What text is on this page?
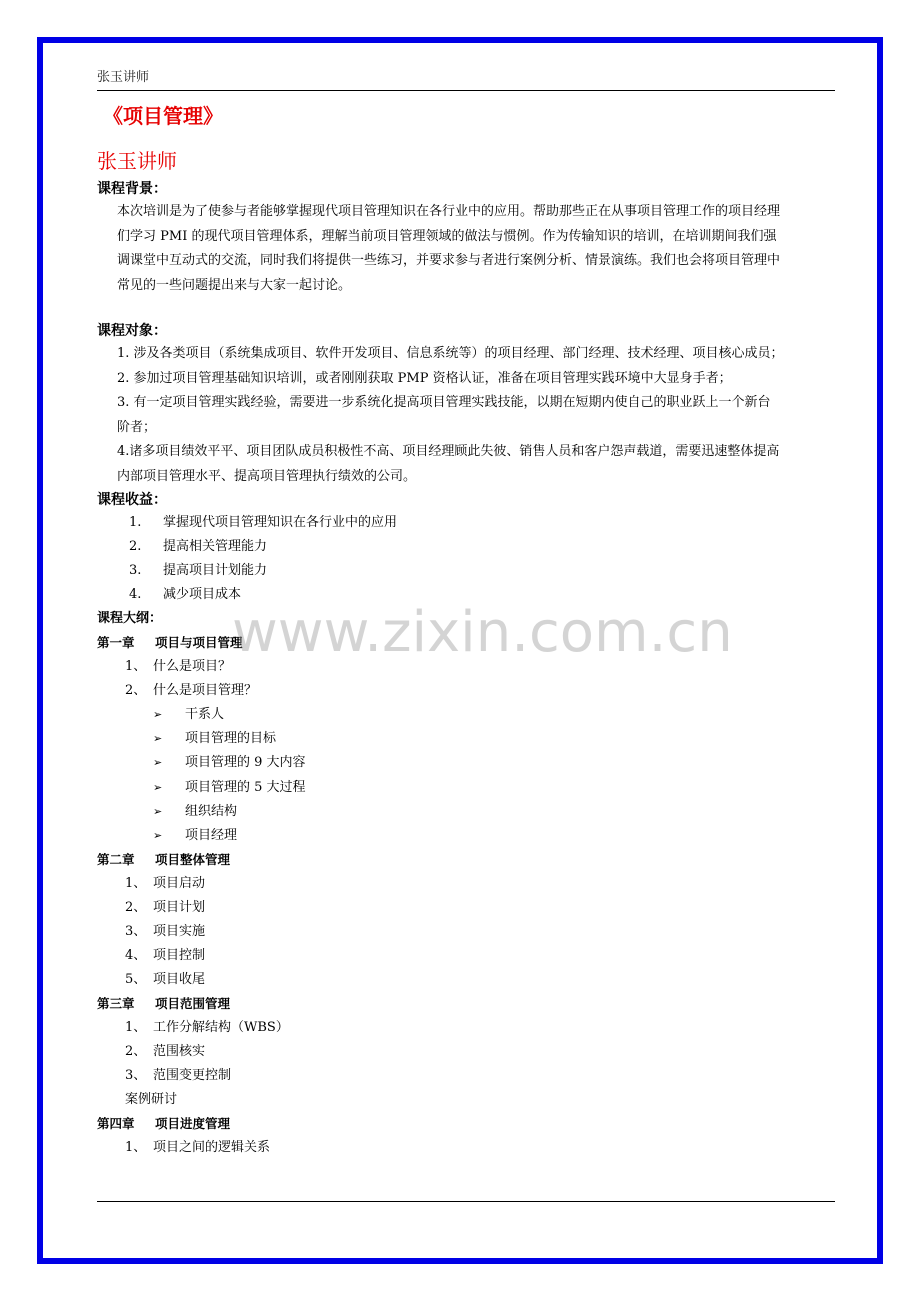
张玉讲师
《项目管理》
张玉讲师
课程背景：
本次培训是为了使参与者能够掌握现代项目管理知识在各行业中的应用。帮助那些正在从事项目管理工作的项目经理
们学习 PMI 的现代项目管理体系，理解当前项目管理领域的做法与惯例。作为传输知识的培训，在培训期间我们强
调课堂中互动式的交流，同时我们将提供一些练习，并要求参与者进行案例分析、情景演练。我们也会将项目管理中
常见的一些问题提出来与大家一起讨论。
课程对象：
1. 涉及各类项目（系统集成项目、软件开发项目、信息系统等）的项目经理、部门经理、技术经理、项目核心成员；
2. 参加过项目管理基础知识培训，或者刚刚获取 PMP 资格认证，准备在项目管理实践环境中大显身手者；
3. 有一定项目管理实践经验，需要进一步系统化提高项目管理实践技能，以期在短期内使自己的职业跃上一个新台
阶者；
4.诸多项目绩效平平、项目团队成员积极性不高、项目经理顾此失彼、销售人员和客户怨声载道，需要迅速整体提高
内部项目管理水平、提高项目管理执行绩效的公司。
课程收益：
1. 掌握现代项目管理知识在各行业中的应用
2. 提高相关管理能力
3. 提高项目计划能力
4. 减少项目成本
课程大纲：
第一章 项目与项目管理
1、 什么是项目？
2、 什么是项目管理？
➢ 干系人
➢ 项目管理的目标
➢ 项目管理的 9 大内容
➢ 项目管理的 5 大过程
➢ 组织结构
➢ 项目经理
第二章 项目整体管理
1、 项目启动
2、 项目计划
3、 项目实施
4、 项目控制
5、 项目收尾
第三章 项目范围管理
1、 工作分解结构（WBS）
2、 范围核实
3、 范围变更控制
案例研讨
第四章 项目进度管理
1、 项目之间的逻辑关系
www.zixin.com.cn
